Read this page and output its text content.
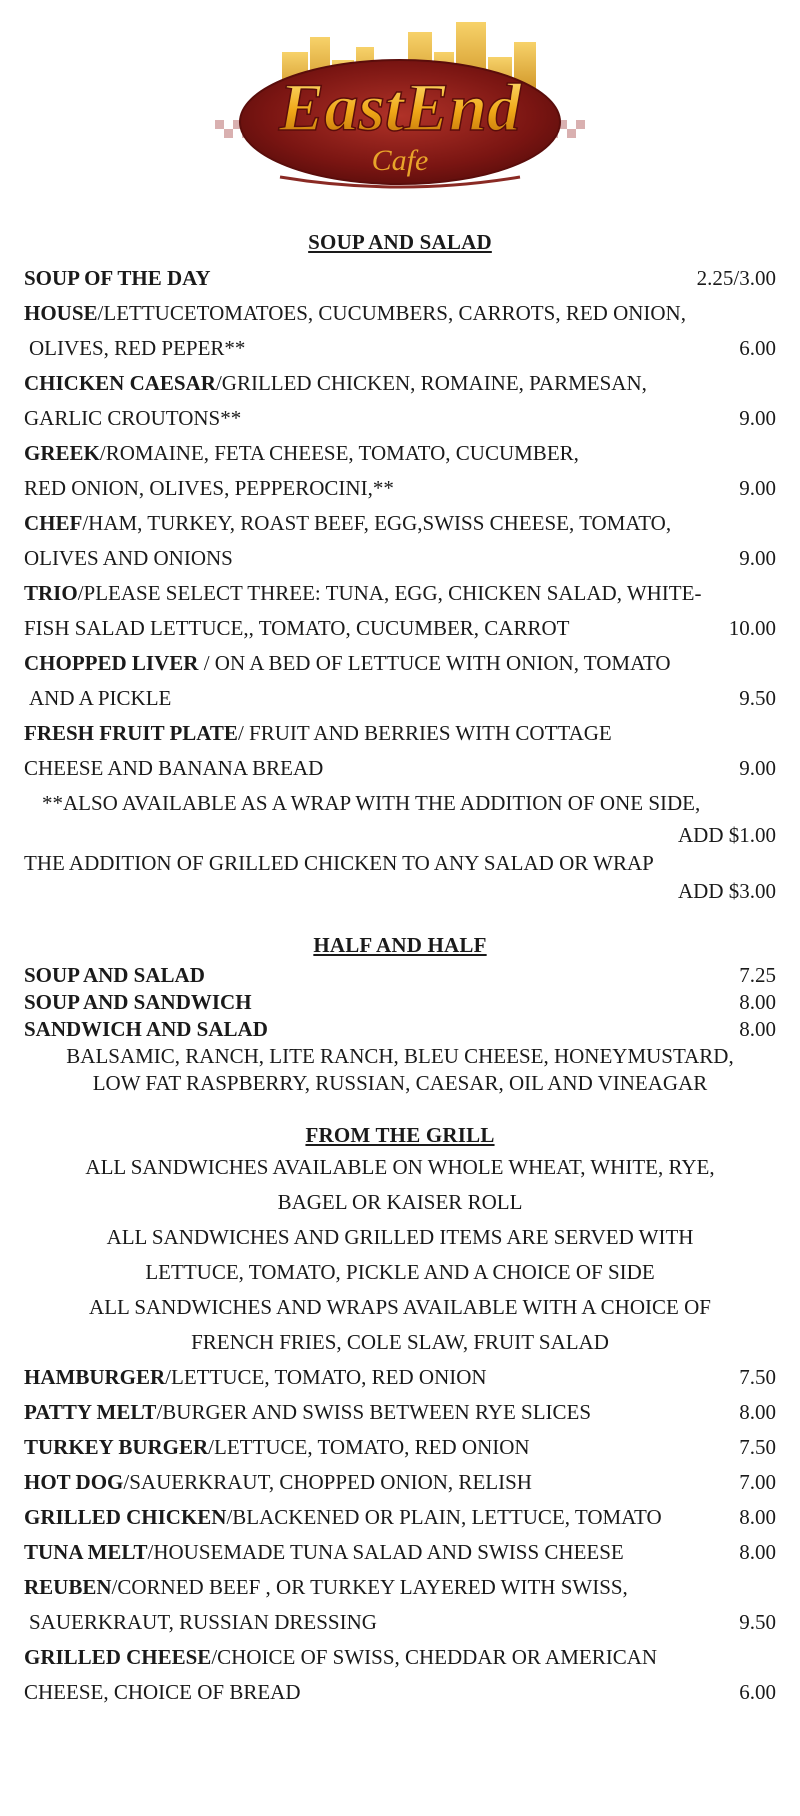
EastEnd
Cafe
SOUP AND SALAD
SOUP OF THE DAY	2.25/3.00
HOUSE/LETTUCETOMATOES, CUCUMBERS, CARROTS, RED ONION,
OLIVES, RED PEPER**	6.00
CHICKEN CAESAR/GRILLED CHICKEN, ROMAINE, PARMESAN,
GARLIC CROUTONS**	9.00
GREEK/ROMAINE, FETA CHEESE, TOMATO, CUCUMBER,
RED ONION, OLIVES, PEPPEROCINI,**	9.00
CHEF/HAM, TURKEY, ROAST BEEF, EGG,SWISS CHEESE, TOMATO,
OLIVES AND ONIONS	9.00
TRIO/PLEASE SELECT THREE: TUNA, EGG, CHICKEN SALAD, WHITE-
FISH SALAD LETTUCE,, TOMATO, CUCUMBER, CARROT	10.00
CHOPPED LIVER / ON A BED OF LETTUCE WITH ONION, TOMATO
AND A PICKLE	9.50
FRESH FRUIT PLATE/ FRUIT AND BERRIES WITH COTTAGE
CHEESE AND BANANA BREAD	9.00
**ALSO AVAILABLE AS A WRAP WITH THE ADDITION OF ONE SIDE,
ADD $1.00
THE ADDITION OF GRILLED CHICKEN TO ANY SALAD OR WRAP
ADD $3.00
HALF AND HALF
SOUP AND SALAD	7.25
SOUP AND SANDWICH	8.00
SANDWICH AND SALAD	8.00
BALSAMIC, RANCH, LITE RANCH, BLEU CHEESE, HONEYMUSTARD,
LOW FAT RASPBERRY, RUSSIAN, CAESAR, OIL AND VINEAGAR
FROM THE GRILL
ALL SANDWICHES AVAILABLE ON WHOLE WHEAT, WHITE, RYE,
BAGEL OR KAISER ROLL
ALL SANDWICHES AND GRILLED ITEMS ARE SERVED WITH
LETTUCE, TOMATO, PICKLE AND A CHOICE OF SIDE
ALL SANDWICHES AND WRAPS AVAILABLE WITH A CHOICE OF
FRENCH FRIES, COLE SLAW, FRUIT SALAD
HAMBURGER/LETTUCE, TOMATO, RED ONION	7.50
PATTY MELT/BURGER AND SWISS BETWEEN RYE SLICES	8.00
TURKEY BURGER/LETTUCE, TOMATO, RED ONION	7.50
HOT DOG/SAUERKRAUT, CHOPPED ONION, RELISH	7.00
GRILLED CHICKEN/BLACKENED OR PLAIN, LETTUCE, TOMATO	8.00
TUNA MELT/HOUSEMADE TUNA SALAD AND SWISS CHEESE	8.00
REUBEN/CORNED BEEF , OR TURKEY LAYERED WITH SWISS,
SAUERKRAUT, RUSSIAN DRESSING	9.50
GRILLED CHEESE/CHOICE OF SWISS, CHEDDAR OR AMERICAN
CHEESE, CHOICE OF BREAD	6.00
